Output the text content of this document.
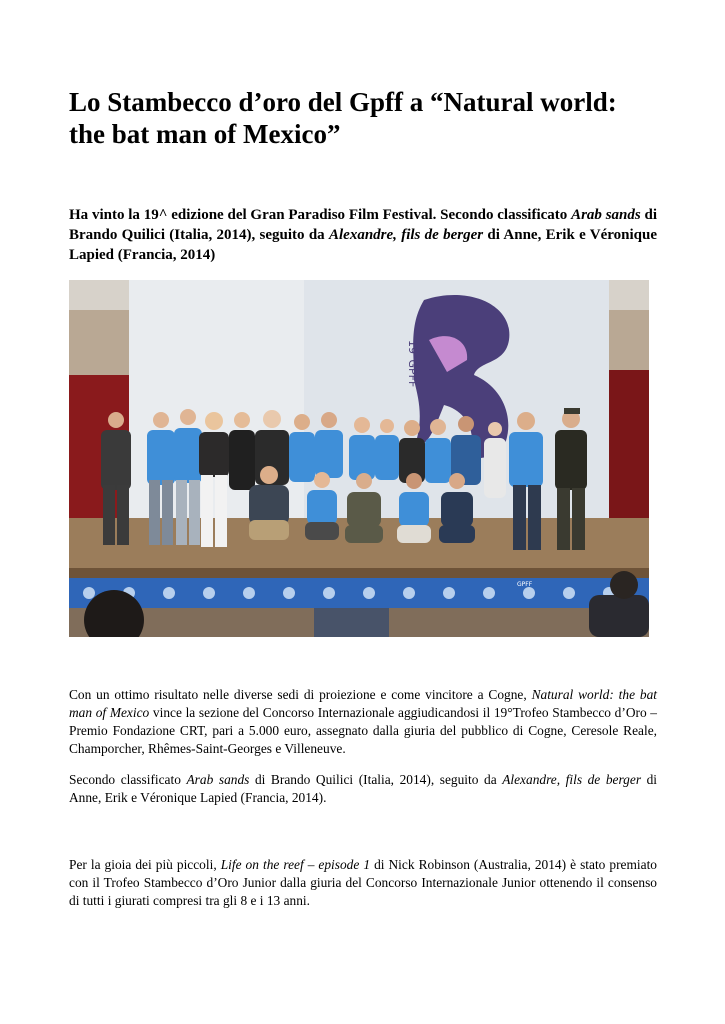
Lo Stambecco d’oro del Gpff a “Natural world: the bat man of Mexico”

Ha vinto la 19^ edizione del Gran Paradiso Film Festival. Secondo classificato Arab sands di Brando Quilici (Italia, 2014), seguito da Alexandre, fils de berger di Anne, Erik e Véronique Lapied (Francia, 2014)

19°GPFF
GPFF

Con un ottimo risultato nelle diverse sedi di proiezione e come vincitore a Cogne, Natural world: the bat man of Mexico vince la sezione del Concorso Internazionale aggiudicandosi il 19°Trofeo Stambecco d’Oro – Premio Fondazione CRT, pari a 5.000 euro, assegnato dalla giuria del pubblico di Cogne, Ceresole Reale, Champorcher, Rhêmes-Saint-Georges e Villeneuve.

Secondo classificato Arab sands di Brando Quilici (Italia, 2014), seguito da Alexandre, fils de berger di Anne, Erik e Véronique Lapied (Francia, 2014).

Per la gioia dei più piccoli, Life on the reef – episode 1 di Nick Robinson (Australia, 2014) è stato premiato con il Trofeo Stambecco d’Oro Junior dalla giuria del Concorso Internazionale Junior ottenendo il consenso di tutti i giurati compresi tra gli 8 e i 13 anni.
